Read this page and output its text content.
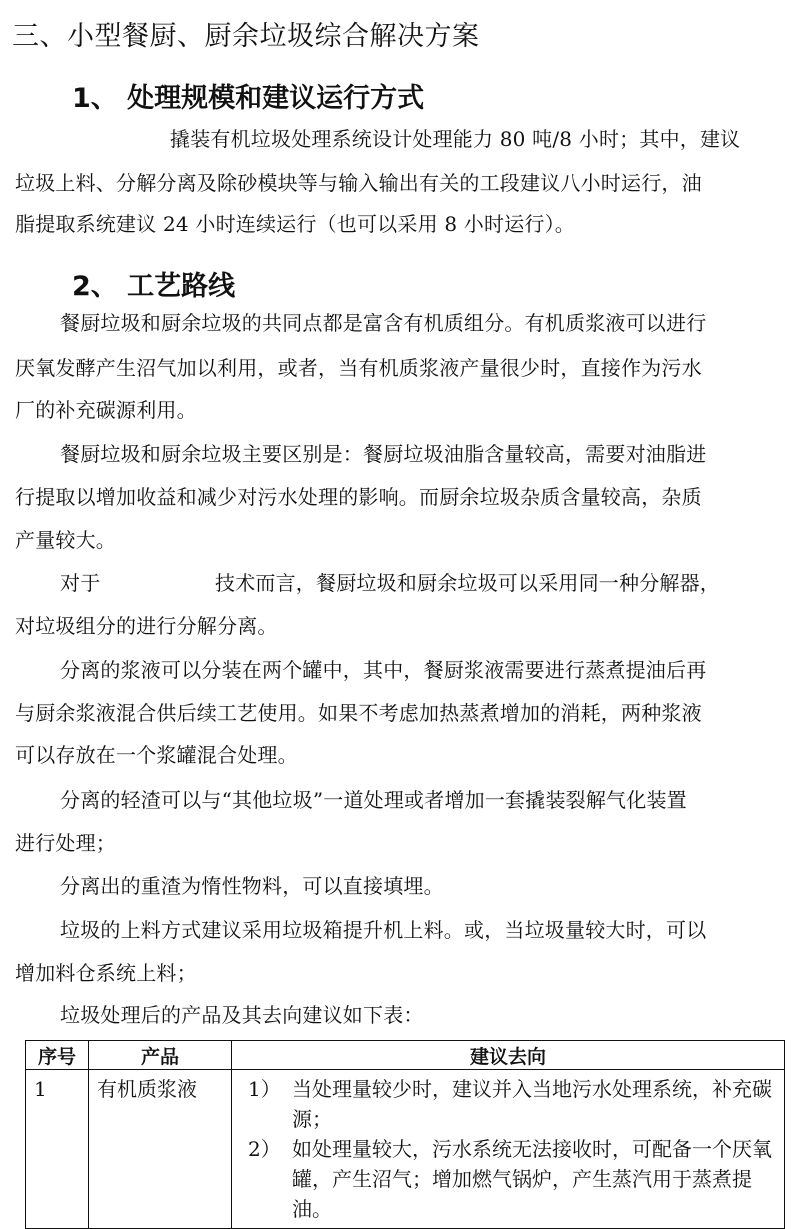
三、小型餐厨、厨余垃圾综合解决方案
1、 处理规模和建议运行方式
撬装有机垃圾处理系统设计处理能力 80 吨/8 小时；其中，建议
垃圾上料、分解分离及除砂模块等与输入输出有关的工段建议八小时运行，油
脂提取系统建议 24 小时连续运行（也可以采用 8 小时运行）。
2、 工艺路线
餐厨垃圾和厨余垃圾的共同点都是富含有机质组分。有机质浆液可以进行
厌氧发酵产生沼气加以利用，或者，当有机质浆液产量很少时，直接作为污水
厂的补充碳源利用。
餐厨垃圾和厨余垃圾主要区别是：餐厨垃圾油脂含量较高，需要对油脂进
行提取以增加收益和减少对污水处理的影响。而厨余垃圾杂质含量较高，杂质
产量较大。
对于	技术而言，餐厨垃圾和厨余垃圾可以采用同一种分解器，
对垃圾组分的进行分解分离。
分离的浆液可以分装在两个罐中，其中，餐厨浆液需要进行蒸煮提油后再
与厨余浆液混合供后续工艺使用。如果不考虑加热蒸煮增加的消耗，两种浆液
可以存放在一个浆罐混合处理。
分离的轻渣可以与“其他垃圾”一道处理或者增加一套撬装裂解气化装置
进行处理；
分离出的重渣为惰性物料，可以直接填埋。
垃圾的上料方式建议采用垃圾箱提升机上料。或，当垃圾量较大时，可以
增加料仓系统上料；
垃圾处理后的产品及其去向建议如下表：
序号	产品	建议去向
1	有机质浆液	1） 当处理量较少时，建议并入当地污水处理系统，补充碳源；
2） 如处理量较大，污水系统无法接收时，可配备一个厌氧罐，产生沼气；增加燃气锅炉，产生蒸汽用于蒸煮提油。
